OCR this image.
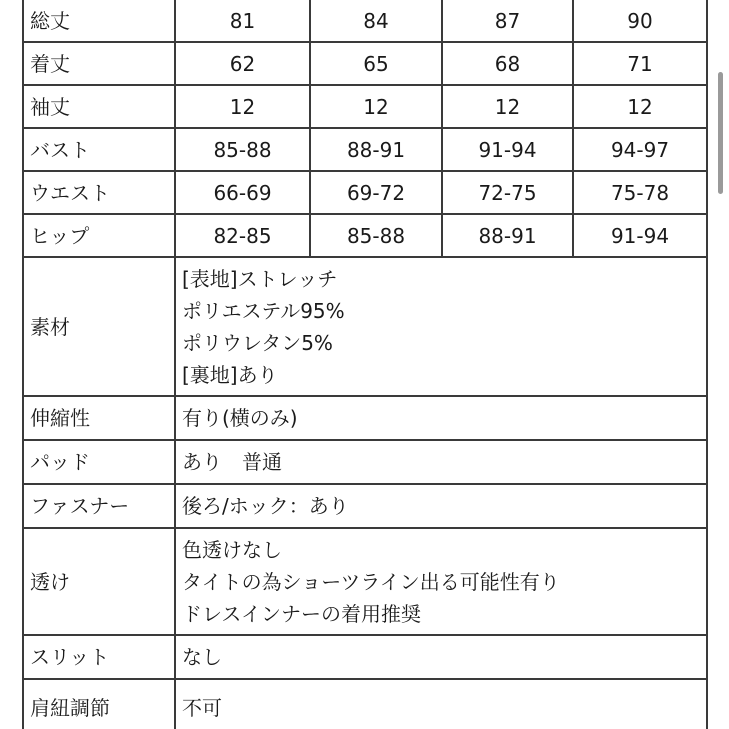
総丈	81	84	87	90
着丈	62	65	68	71
袖丈	12	12	12	12
バスト	85-88	88-91	91-94	94-97
ウエスト	66-69	69-72	72-75	75-78
ヒップ	82-85	85-88	88-91	91-94
素材	[表地]ストレッチ
ポリエステル95%
ポリウレタン5%
[裏地]あり			

伸縮性	有り(横のみ)			
パッド	あり　普通			
ファスナー	後ろ/ホック：あり			
透け	色透けなし
タイトの為ショーツライン出る可能性有り
ドレスインナーの着用推奨			

スリット	なし			
肩紐調節	不可			
